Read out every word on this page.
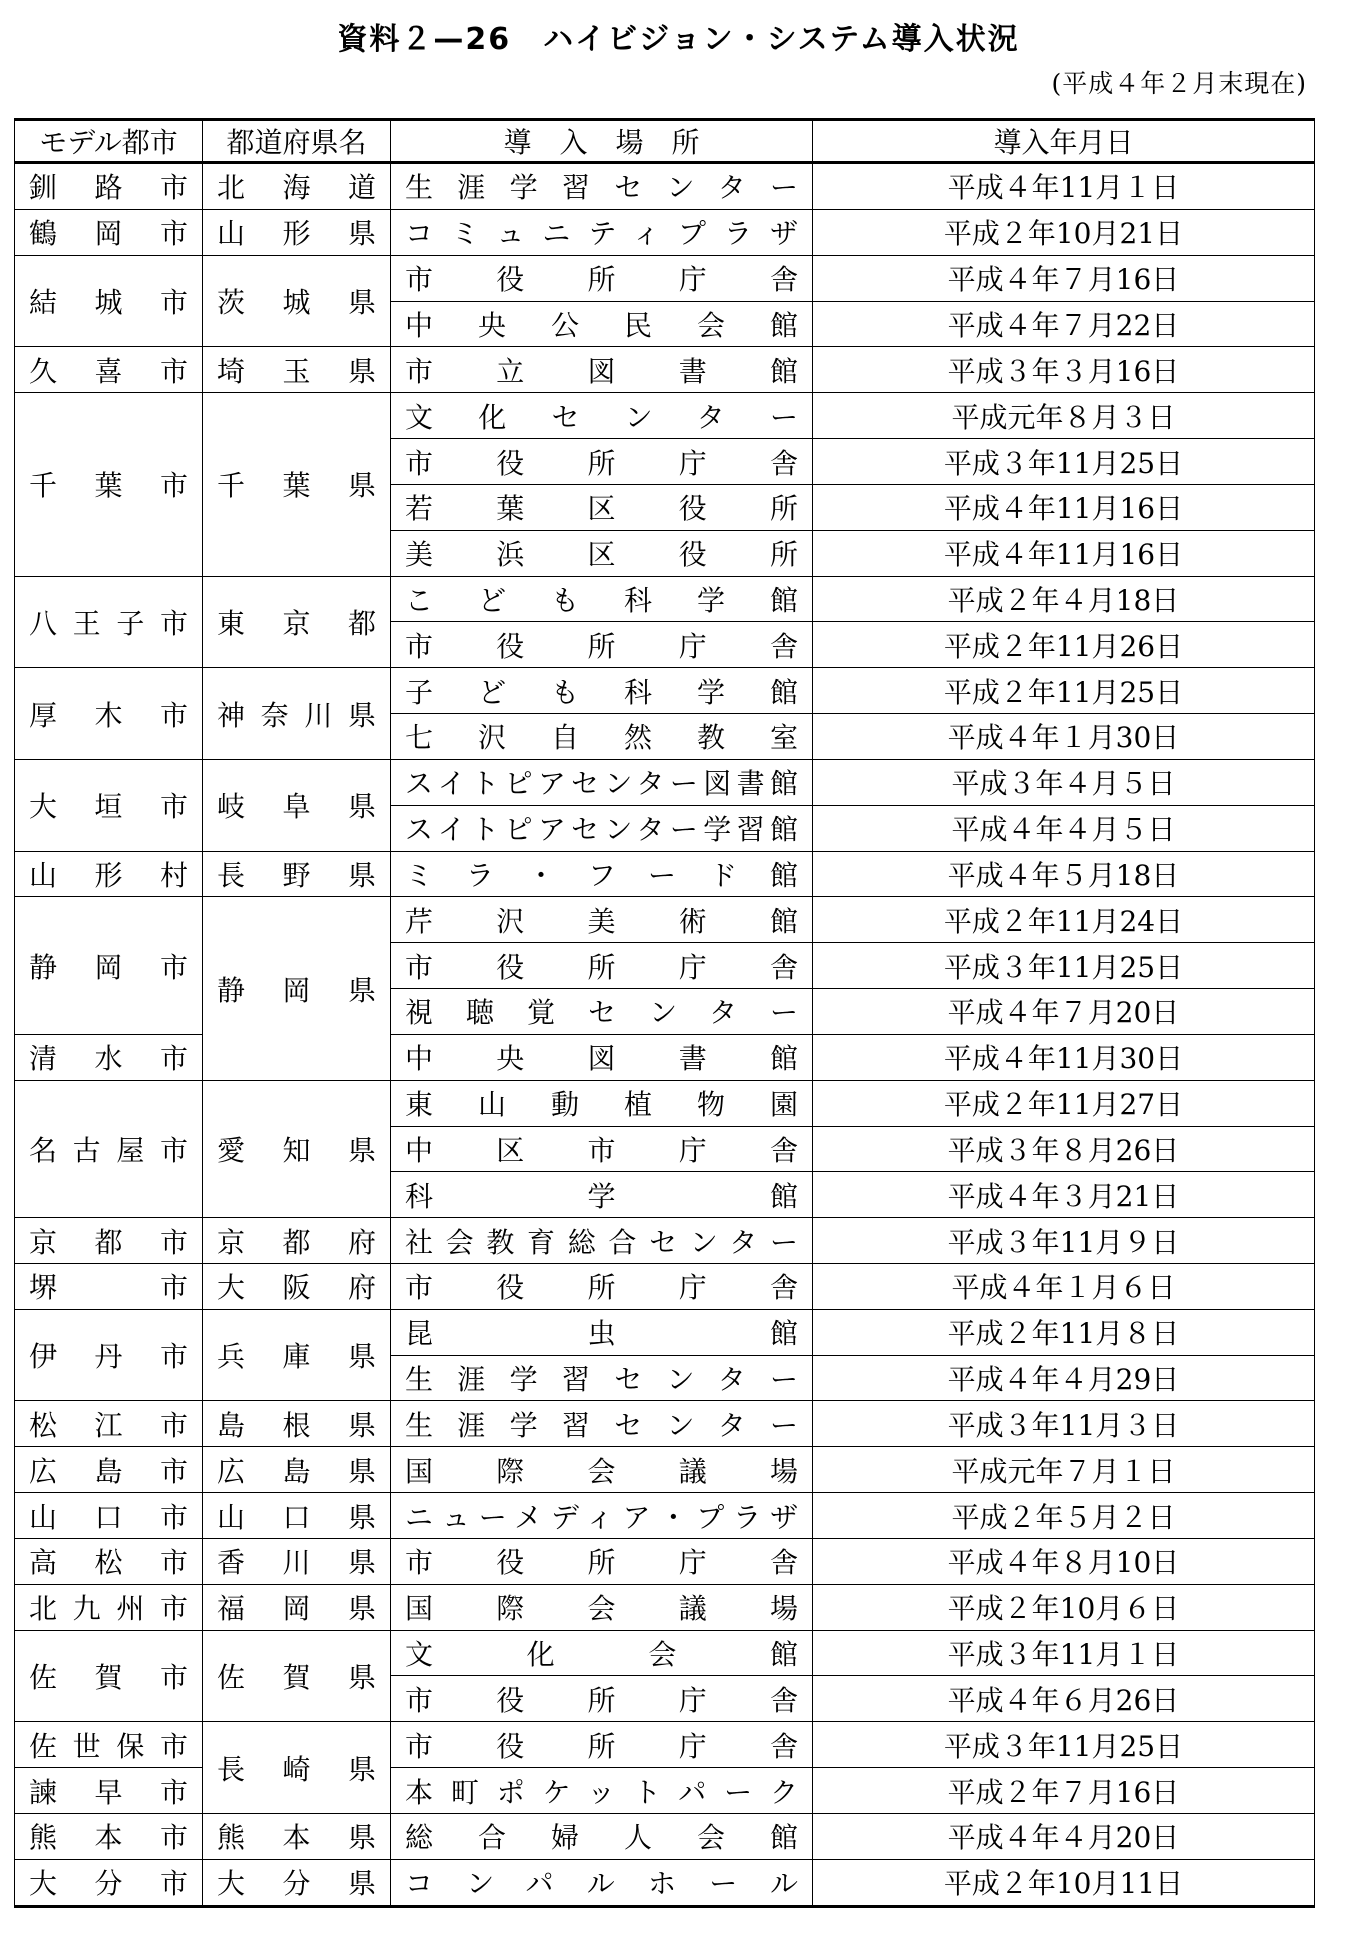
資料２—26　ハイビジョン・システム導入状況
(平成４年２月末現在)
モデル都市	都道府県名	導　入　場　所	導入年月日
釧　路　市	北　海　道	生涯学習センター	平成４年11月１日
鶴　岡　市	山　形　県	コミュニティプラザ	平成２年10月21日
結　城　市	茨　城　県	市役所庁舎	平成４年７月16日
		中央公民会館	平成４年７月22日
久　喜　市	埼　玉　県	市立図書館	平成３年３月16日
千　葉　市	千　葉　県	文化センター	平成元年８月３日
		市役所庁舎	平成３年11月25日
		若葉区役所	平成４年11月16日
		美浜区役所	平成４年11月16日
八王子市	東　京　都	こども科学館	平成２年４月18日
		市役所庁舎	平成２年11月26日
厚　木　市	神奈川県	子ども科学館	平成２年11月25日
		七沢自然教室	平成４年１月30日
大　垣　市	岐　阜　県	スイトピアセンター図書館	平成３年４月５日
		スイトピアセンター学習館	平成４年４月５日
山　形　村	長　野　県	ミラ・フード館	平成４年５月18日
静　岡　市	静　岡　県	芹沢美術館	平成２年11月24日
		市役所庁舎	平成３年11月25日
		視聴覚センター	平成４年７月20日
清　水　市		中央図書館	平成４年11月30日
名古屋市	愛　知　県	東山動植物園	平成２年11月27日
		中区市庁舎	平成３年８月26日
		科学館	平成４年３月21日
京　都　市	京　都　府	社会教育総合センター	平成３年11月９日
堺　　　市	大　阪　府	市役所庁舎	平成４年１月６日
伊　丹　市	兵　庫　県	昆虫館	平成２年11月８日
		生涯学習センター	平成４年４月29日
松　江　市	島　根　県	生涯学習センター	平成３年11月３日
広　島　市	広　島　県	国際会議場	平成元年７月１日
山　口　市	山　口　県	ニューメディア・プラザ	平成２年５月２日
高　松　市	香　川　県	市役所庁舎	平成４年８月10日
北九州市	福　岡　県	国際会議場	平成２年10月６日
佐　賀　市	佐　賀　県	文化会館	平成３年11月１日
		市役所庁舎	平成４年６月26日
佐世保市	長　崎　県	市役所庁舎	平成３年11月25日
諫　早　市		本町ポケットパーク	平成２年７月16日
熊　本　市	熊　本　県	総合婦人会館	平成４年４月20日
大　分　市	大　分　県	コンパルホール	平成２年10月11日
